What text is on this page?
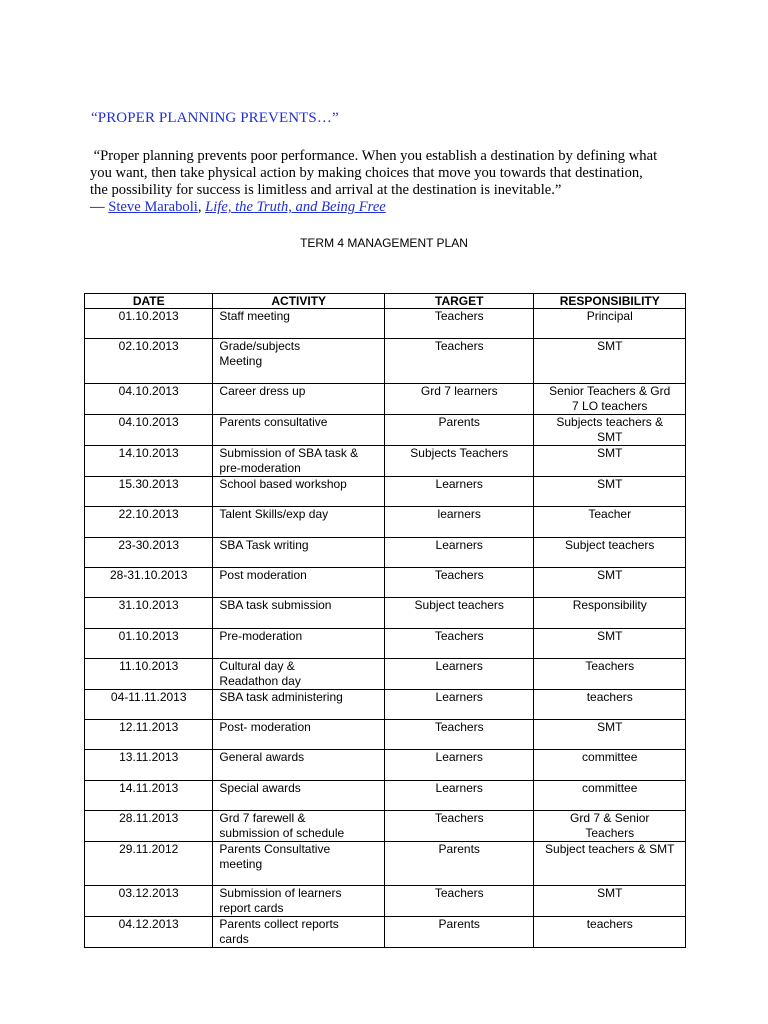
“PROPER PLANNING PREVENTS…”

“Proper planning prevents poor performance. When you establish a destination by defining what
you want, then take physical action by making choices that move you towards that destination,
the possibility for success is limitless and arrival at the destination is inevitable.”

― Steve Maraboli, Life, the Truth, and Being Free

TERM 4 MANAGEMENT PLAN
DATE	ACTIVITY	TARGET	RESPONSIBILITY
01.10.2013	Staff meeting	Teachers	Principal

02.10.2013	Grade/subjects
Meeting	Teachers	SMT

04.10.2013	Career dress up	Grd 7 learners	Senior Teachers & Grd
7 LO teachers

04.10.2013	Parents consultative	Parents	Subjects teachers &
SMT

14.10.2013	Submission of SBA task &
pre-moderation	Subjects Teachers	SMT

15.30.2013	School based workshop	Learners	SMT

22.10.2013	Talent Skills/exp day	learners	Teacher

23-30.2013	SBA Task writing	Learners	Subject teachers

28-31.10.2013	Post moderation	Teachers	SMT

31.10.2013	SBA task submission	Subject teachers	Responsibility

01.10.2013	Pre-moderation	Teachers	SMT

11.10.2013	Cultural day &
Readathon day	Learners	Teachers

04-11.11.2013	SBA task administering	Learners	teachers

12.11.2013	Post- moderation	Teachers	SMT

13.11.2013	General awards	Learners	committee

14.11.2013	Special awards	Learners	committee

28.11.2013	Grd 7 farewell &
submission of schedule	Teachers	Grd 7 & Senior
Teachers

29.11.2012	Parents Consultative
meeting	Parents	Subject teachers & SMT

03.12.2013	Submission of learners
report cards	Teachers	SMT

04.12.2013	Parents collect reports
cards	Parents	teachers
